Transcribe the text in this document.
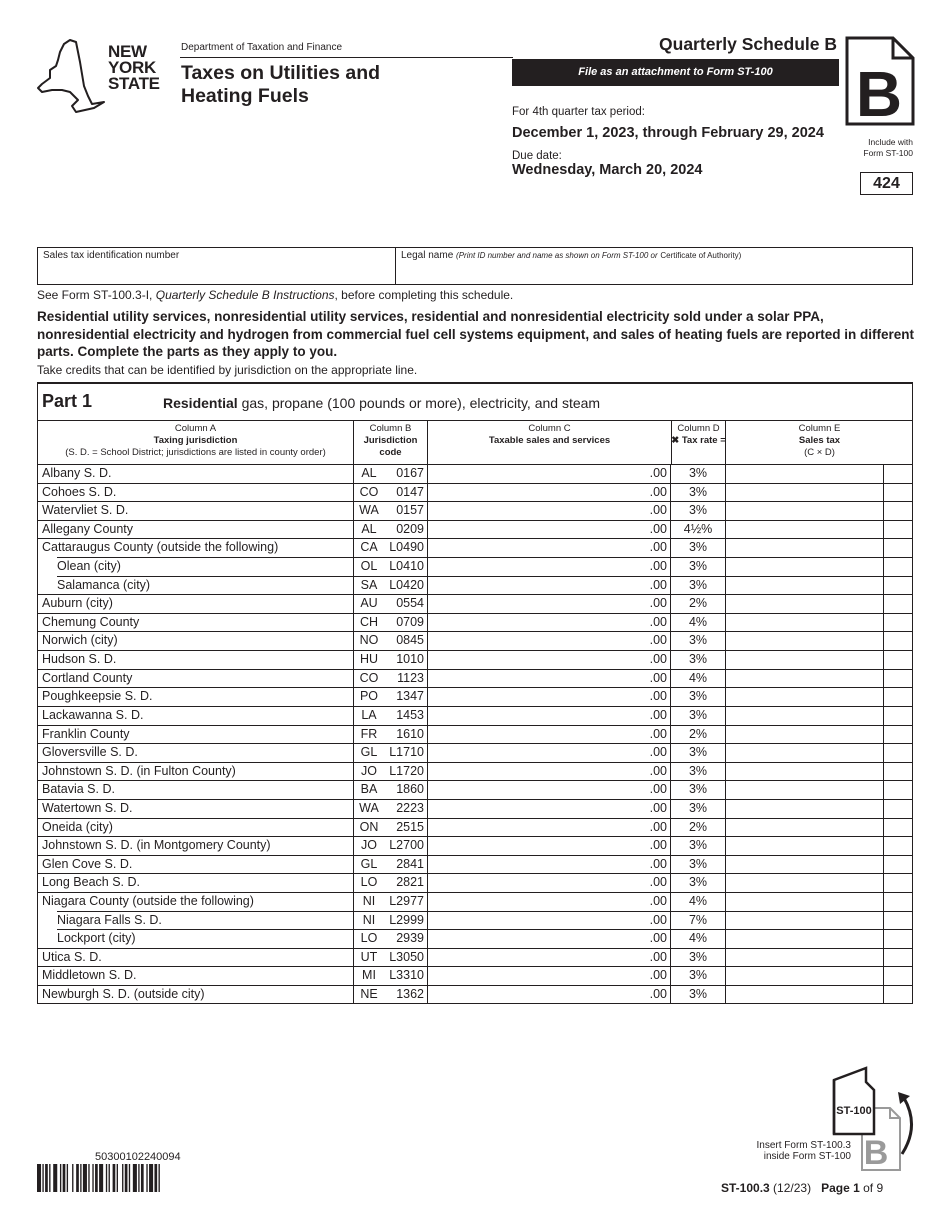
NEW
YORK
STATE
Department of Taxation and Finance
Taxes on Utilities and
Heating Fuels
Quarterly Schedule B
File as an attachment to Form ST-100
For 4th quarter tax period:
December 1, 2023, through February 29, 2024
Due date:
Wednesday, March 20, 2024
B
Include with
Form ST-100
424
Sales tax identification number	Legal name (Print ID number and name as shown on Form ST-100 or Certificate of Authority)
See Form ST-100.3-I, Quarterly Schedule B Instructions, before completing this schedule.
Residential utility services, nonresidential utility services, residential and nonresidential electricity sold under a solar PPA, nonresidential electricity and hydrogen from commercial fuel cell systems equipment, and sales of heating fuels are reported in different parts. Complete the parts as they apply to you.
Take credits that can be identified by jurisdiction on the appropriate line.
Part 1	Residential gas, propane (100 pounds or more), electricity, and steam
Column A
Taxing jurisdiction
(S. D. = School District; jurisdictions are listed in county order)
Column B
Jurisdiction
code
Column C
Taxable sales and services
Column D
✖ Tax rate =
Column E
Sales tax
(C × D)
Albany S. D.	AL	0167	.00	3%
Cohoes S. D.	CO 0147	.00	3%
Watervliet S. D.	WA 0157	.00	3%
Allegany County	AL	0209	.00	4½%
Cattaraugus County (outside the following)	CA L0490	.00	3%
Olean (city)	OL L0410	.00	3%
Salamanca (city)	SA L0420	.00	3%
Auburn (city)	AU 0554	.00	2%
Chemung County	CH 0709	.00	4%
Norwich (city)	NO 0845	.00	3%
Hudson S. D.	HU 1010	.00	3%
Cortland County	CO 1123	.00	4%
Poughkeepsie S. D.	PO 1347	.00	3%
Lackawanna S. D.	LA	1453	.00	3%
Franklin County	FR 1610	.00	2%
Gloversville S. D.	GL L1710	.00	3%
Johnstown S. D. (in Fulton County)	JO L1720	.00	3%
Batavia S. D.	BA 1860	.00	3%
Watertown S. D.	WA 2223	.00	3%
Oneida (city)	ON 2515	.00	2%
Johnstown S. D. (in Montgomery County)	JO L2700	.00	3%
Glen Cove S. D.	GL 2841	.00	3%
Long Beach S. D.	LO 2821	.00	3%
Niagara County (outside the following)	NI	L2977	.00	4%
Niagara Falls S. D.	NI	L2999	.00	7%
Lockport (city)	LO 2939	.00	4%
Utica S. D.	UT L3050	.00	3%
Middletown S. D.	MI	L3310	.00	3%
Newburgh S. D. (outside city)	NE 1362	.00	3%
B
ST-100
Insert Form ST-100.3
inside Form ST-100
ST-100.3 (12/23) Page 1 of 9
50300102240094
